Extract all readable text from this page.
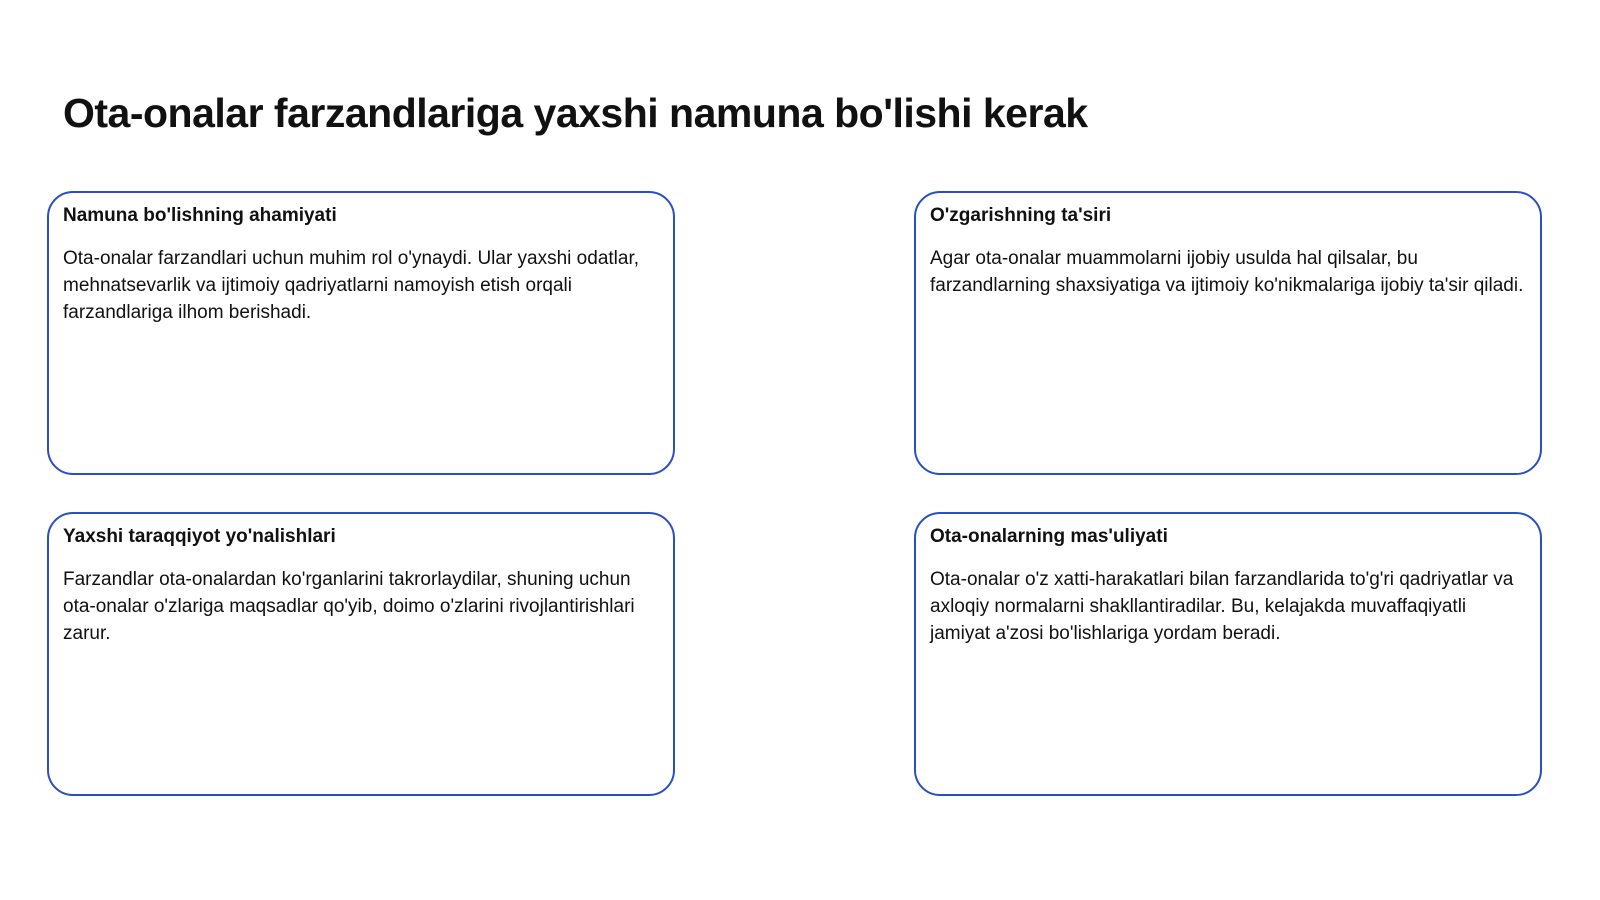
Ota-onalar farzandlariga yaxshi namuna bo'lishi kerak
Namuna bo'lishning ahamiyati

Ota-onalar farzandlari uchun muhim rol o'ynaydi. Ular yaxshi odatlar, mehnatsevarlik va ijtimoiy qadriyatlarni namoyish etish orqali farzandlariga ilhom berishadi.

O'zgarishning ta'siri

Agar ota-onalar muammolarni ijobiy usulda hal qilsalar, bu farzandlarning shaxsiyatiga va ijtimoiy ko'nikmalariga ijobiy ta'sir qiladi.

Yaxshi taraqqiyot yo'nalishlari

Farzandlar ota-onalardan ko'rganlarini takrorlaydilar, shuning uchun ota-onalar o'zlariga maqsadlar qo'yib, doimo o'zlarini rivojlantirishlari zarur.

Ota-onalarning mas'uliyati

Ota-onalar o'z xatti-harakatlari bilan farzandlarida to'g'ri qadriyatlar va axloqiy normalarni shakllantiradilar. Bu, kelajakda muvaffaqiyatli jamiyat a'zosi bo'lishlariga yordam beradi.
